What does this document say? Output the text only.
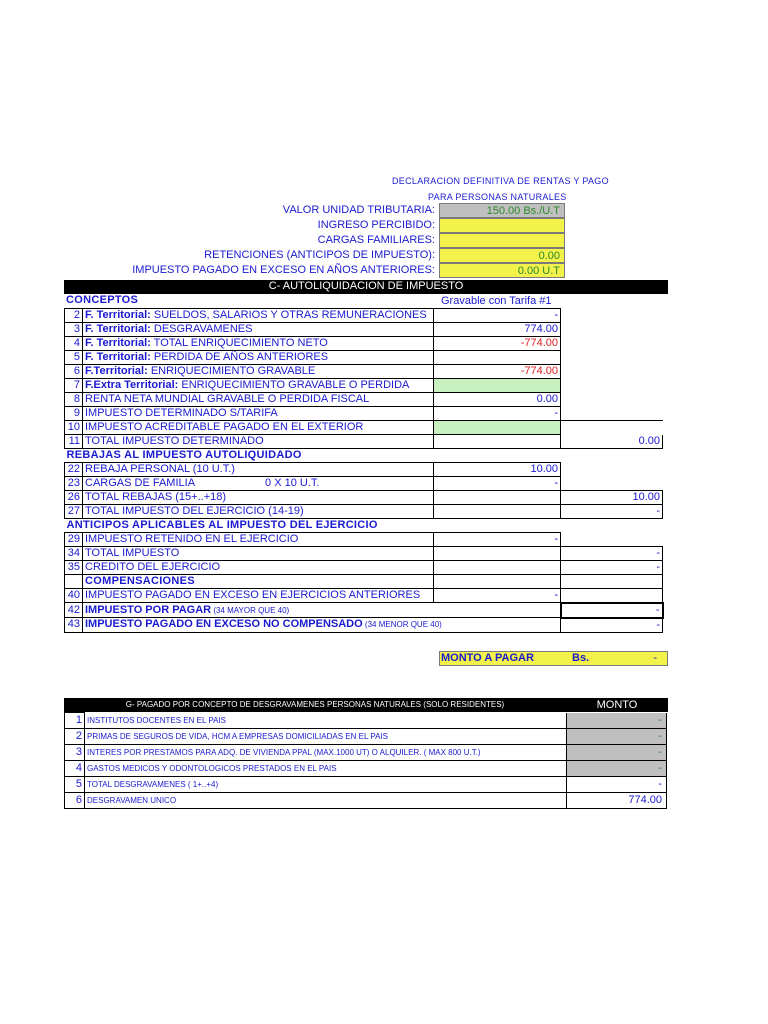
DECLARACION DEFINITIVA DE RENTAS Y PAGO
PARA PERSONAS NATURALES
VALOR UNIDAD TRIBUTARIA:	150.00 Bs./U.T
INGRESO PERCIBIDO:
CARGAS FAMILIARES:
RETENCIONES (ANTICIPOS DE IMPUESTO):	0.00
IMPUESTO PAGADO EN EXCESO EN AÑOS ANTERIORES:	0.00 U.T
C- AUTOLIQUIDACION DE IMPUESTO
CONCEPTOS	Gravable con Tarifa #1
2	F. Territorial: SUELDOS, SALARIOS Y OTRAS REMUNERACIONES	-	
3	F. Territorial: DESGRAVAMENES	774.00	
4	F. Territorial: TOTAL ENRIQUECIMIENTO NETO	-774.00	
5	F. Territorial: PERDIDA DE AÑOS ANTERIORES		
6	F.Territorial: ENRIQUECIMIENTO GRAVABLE	-774.00	
7	F.Extra Territorial: ENRIQUECIMIENTO GRAVABLE O PERDIDA		
8	RENTA NETA MUNDIAL GRAVABLE O PERDIDA FISCAL	0.00	
9	IMPUESTO DETERMINADO S/TARIFA	-	
10	IMPUESTO ACREDITABLE PAGADO EN EL EXTERIOR		
11	TOTAL IMPUESTO DETERMINADO		0.00
REBAJAS AL IMPUESTO AUTOLIQUIDADO			
22	REBAJA PERSONAL (10 U.T.)	10.00	
23	CARGAS DE FAMILIA 0 X 10 U.T.	-	
26	TOTAL REBAJAS (15+..+18)		10.00
27	TOTAL IMPUESTO DEL EJERCICIO (14-19)		-
ANTICIPOS APLICABLES AL IMPUESTO DEL EJERCICIO			
29	IMPUESTO RETENIDO EN EL EJERCICIO	-	
34	TOTAL IMPUESTO		-
35	CREDITO DEL EJERCICIO		-
	COMPENSACIONES		
40	IMPUESTO PAGADO EN EXCESO EN EJERCICIOS ANTERIORES	-	
42	IMPUESTO POR PAGAR (34 MAYOR QUE 40)		-
43	IMPUESTO PAGADO EN EXCESO NO COMPENSADO (34 MENOR QUE 40)		-
MONTO A PAGAR	Bs.	-
G- PAGADO POR CONCEPTO DE DESGRAVAMENES PERSONAS NATURALES (SOLO RESIDENTES)	MONTO
1	INSTITUTOS DOCENTES EN EL PAIS	-
2	PRIMAS DE SEGUROS DE VIDA, HCM A EMPRESAS DOMICILIADAS EN EL PAIS	-
3	INTERES POR PRESTAMOS PARA ADQ. DE VIVIENDA PPAL (MAX.1000 UT) O ALQUILER. ( MAX 800 U.T.)	-
4	GASTOS MEDICOS Y ODONTOLOGICOS PRESTADOS EN EL PAIS	-
5	TOTAL DESGRAVAMENES ( 1+..+4)	-
6	DESGRAVAMEN UNICO	774.00
